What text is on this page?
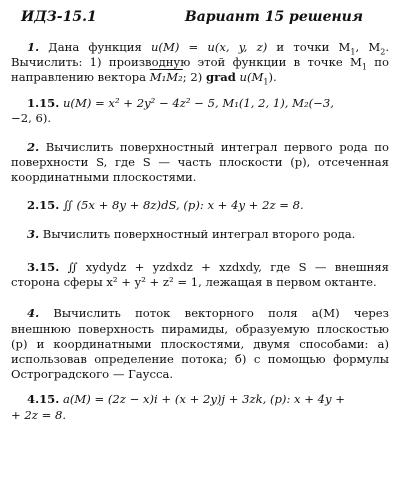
ИДЗ-15.1	Вариант 15 решения

1. Дана функция u(M) = u(x, y, z) и точки $M_1$, $M_2$. Вычислить: 1) производную этой функции в точке $M_1$ по направлению вектора M₁M₂; 2) grad $u(M_1)$.

1.15. u(M) = x² + 2y² − 4z² − 5, M₁(1, 2, 1), M₂(−3,

−2, 6).

2. Вычислить поверхностный интеграл первого рода по поверхности S, где S — часть плоскости (p), отсеченная координатными плоскостями.

2.15. ∬ (5x + 8y + 8z)dS, (p): x + 4y + 2z = 8.

3. Вычислить поверхностный интеграл второго рода.

3.15. ∬ xydydz + yzdxdz + xzdxdy, где S — внешняя сторона сферы x² + y² + z² = 1, лежащая в первом октанте.

4. Вычислить поток векторного поля a(M) через внешнюю поверхность пирамиды, образуемую плоскостью (p) и координатными плоскостями, двумя способами: а) использовав определение потока; б) с помощью формулы Остроградского — Гаусса.

4.15. a(M) = (2z − x)i + (x + 2y)j + 3zk, (p): x + 4y +

+ 2z = 8.
